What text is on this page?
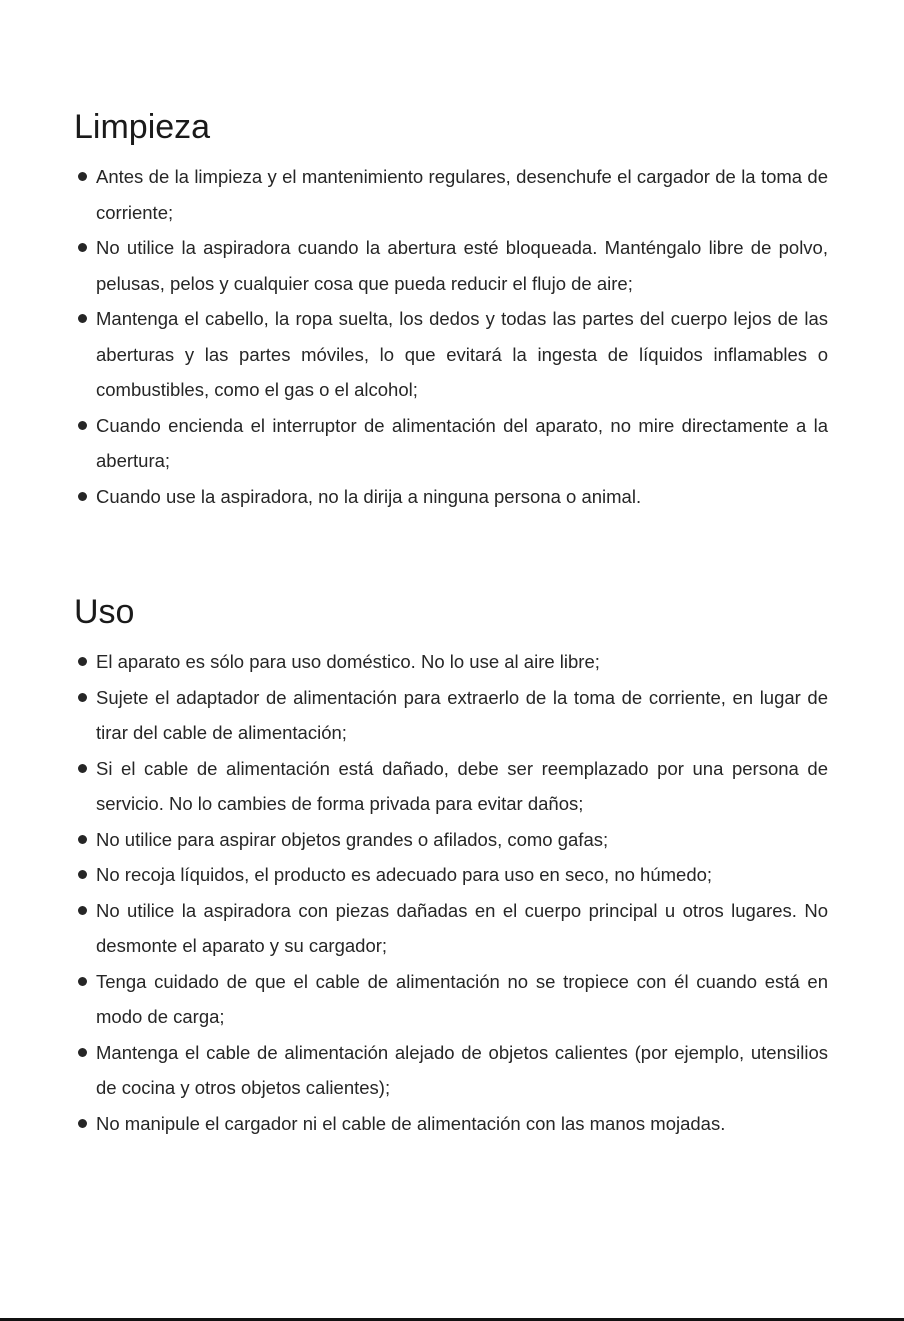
Limpieza
Antes de la limpieza y el mantenimiento regulares, desenchufe el cargador de la toma de corriente;
No utilice la aspiradora cuando la abertura esté bloqueada. Manténgalo libre de polvo, pelusas, pelos y cualquier cosa que pueda reducir el flujo de aire;
Mantenga el cabello, la ropa suelta, los dedos y todas las partes del cuerpo lejos de las aberturas y las partes móviles, lo que evitará la ingesta de líquidos inflamables o combustibles, como el gas o el alcohol;
Cuando encienda el interruptor de alimentación del aparato, no mire directamente a la abertura;
Cuando use la aspiradora, no la dirija a ninguna persona o animal.
Uso
El aparato es sólo para uso doméstico. No lo use al aire libre;
Sujete el adaptador de alimentación para extraerlo de la toma de corriente, en lugar de tirar del cable de alimentación;
Si el cable de alimentación está dañado, debe ser reemplazado por una persona de servicio. No lo cambies de forma privada para evitar daños;
No utilice para aspirar objetos grandes o afilados, como gafas;
No recoja líquidos, el producto es adecuado para uso en seco, no húmedo;
No utilice la aspiradora con piezas dañadas en el cuerpo principal u otros lugares. No desmonte el aparato y su cargador;
Tenga cuidado de que el cable de alimentación no se tropiece con él cuando está en modo de carga;
Mantenga el cable de alimentación alejado de objetos calientes (por ejemplo, utensilios de cocina y otros objetos calientes);
No manipule el cargador ni el cable de alimentación con las manos mojadas.
